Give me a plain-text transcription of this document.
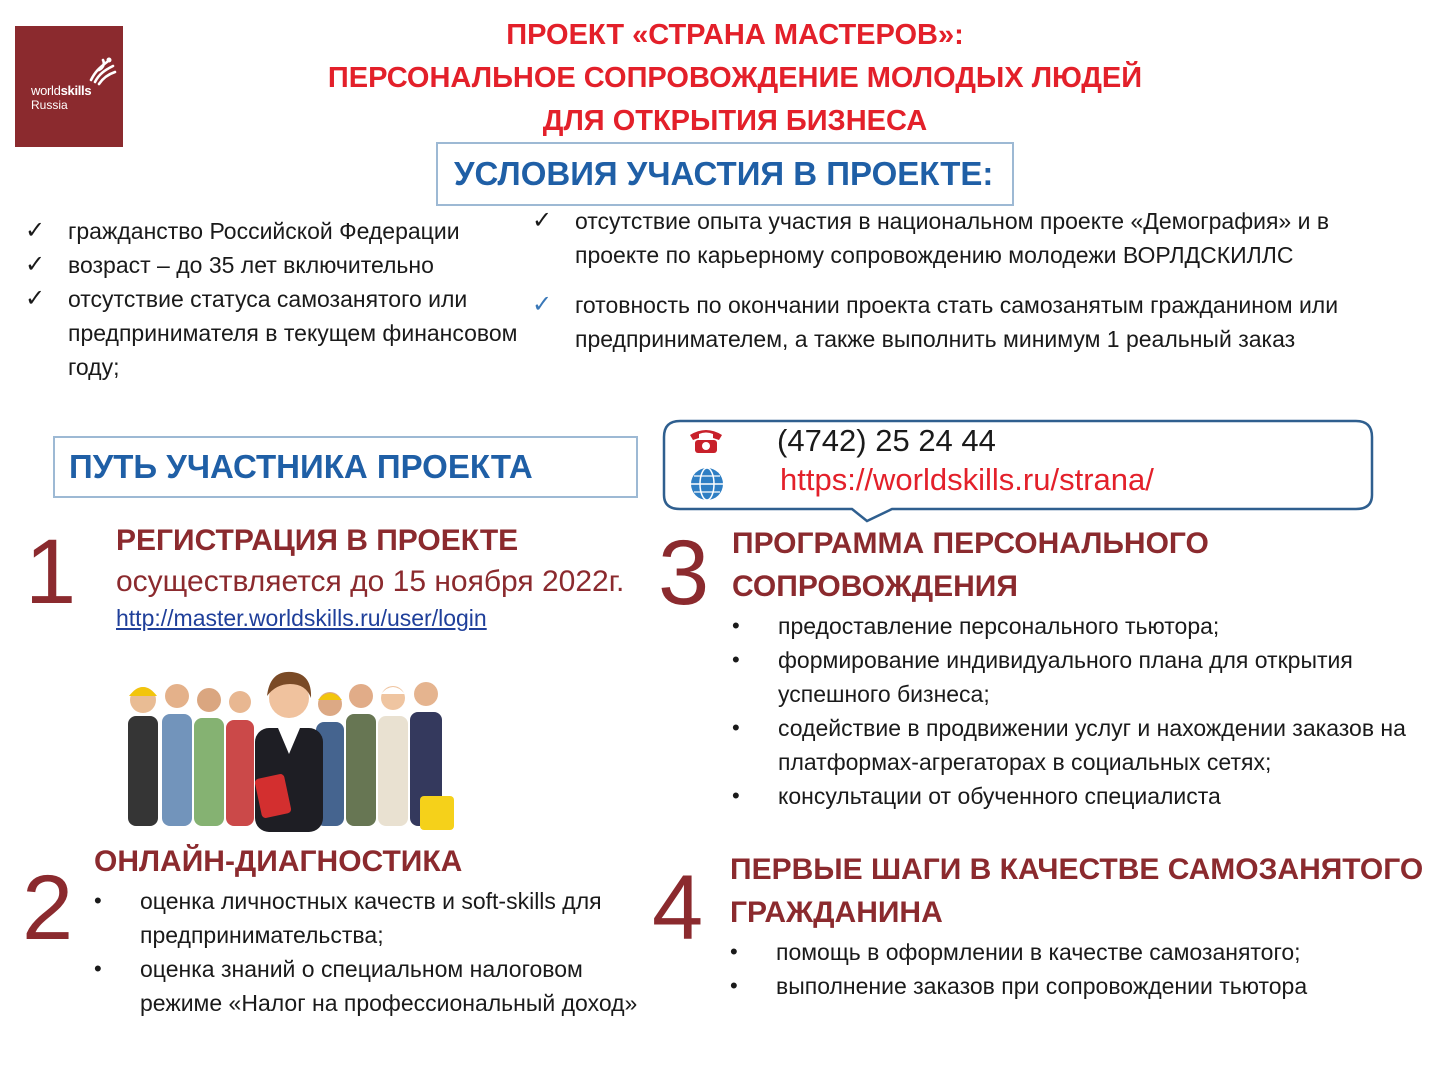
worldskills
Russia
ПРОЕКТ «СТРАНА МАСТЕРОВ»:
ПЕРСОНАЛЬНОЕ СОПРОВОЖДЕНИЕ МОЛОДЫХ ЛЮДЕЙ
ДЛЯ ОТКРЫТИЯ БИЗНЕСА
УСЛОВИЯ УЧАСТИЯ В ПРОЕКТЕ:
✓ гражданство Российской Федерации
✓ возраст – до 35 лет включительно
✓ отсутствие статуса самозанятого или предпринимателя в текущем финансовом году;
✓ отсутствие опыта участия в национальном проекте «Демография» и в проекте по карьерному сопровождению молодежи ВОРЛДСКИЛЛС
✓ готовность по окончании проекта стать самозанятым гражданином или предпринимателем, а также выполнить минимум 1 реальный заказ
ПУТЬ УЧАСТНИКА ПРОЕКТА
(4742) 25 24 44
https://worldskills.ru/strana/
1 РЕГИСТРАЦИЯ В ПРОЕКТЕ
осуществляется до 15 ноября 2022г.
http://master.worldskills.ru/user/login
2 ОНЛАЙН-ДИАГНОСТИКА
• оценка личностных качеств и soft-skills для предпринимательства;
• оценка знаний о специальном налоговом режиме «Налог на профессиональный доход»
3 ПРОГРАММА ПЕРСОНАЛЬНОГО СОПРОВОЖДЕНИЯ
• предоставление персонального тьютора;
• формирование индивидуального плана для открытия успешного бизнеса;
• содействие в продвижении услуг и нахождении заказов на платформах-агрегаторах в социальных сетях;
• консультации от обученного специалиста
4 ПЕРВЫЕ ШАГИ В КАЧЕСТВЕ САМОЗАНЯТОГО ГРАЖДАНИНА
• помощь в оформлении в качестве самозанятого;
• выполнение заказов при сопровождении тьютора
